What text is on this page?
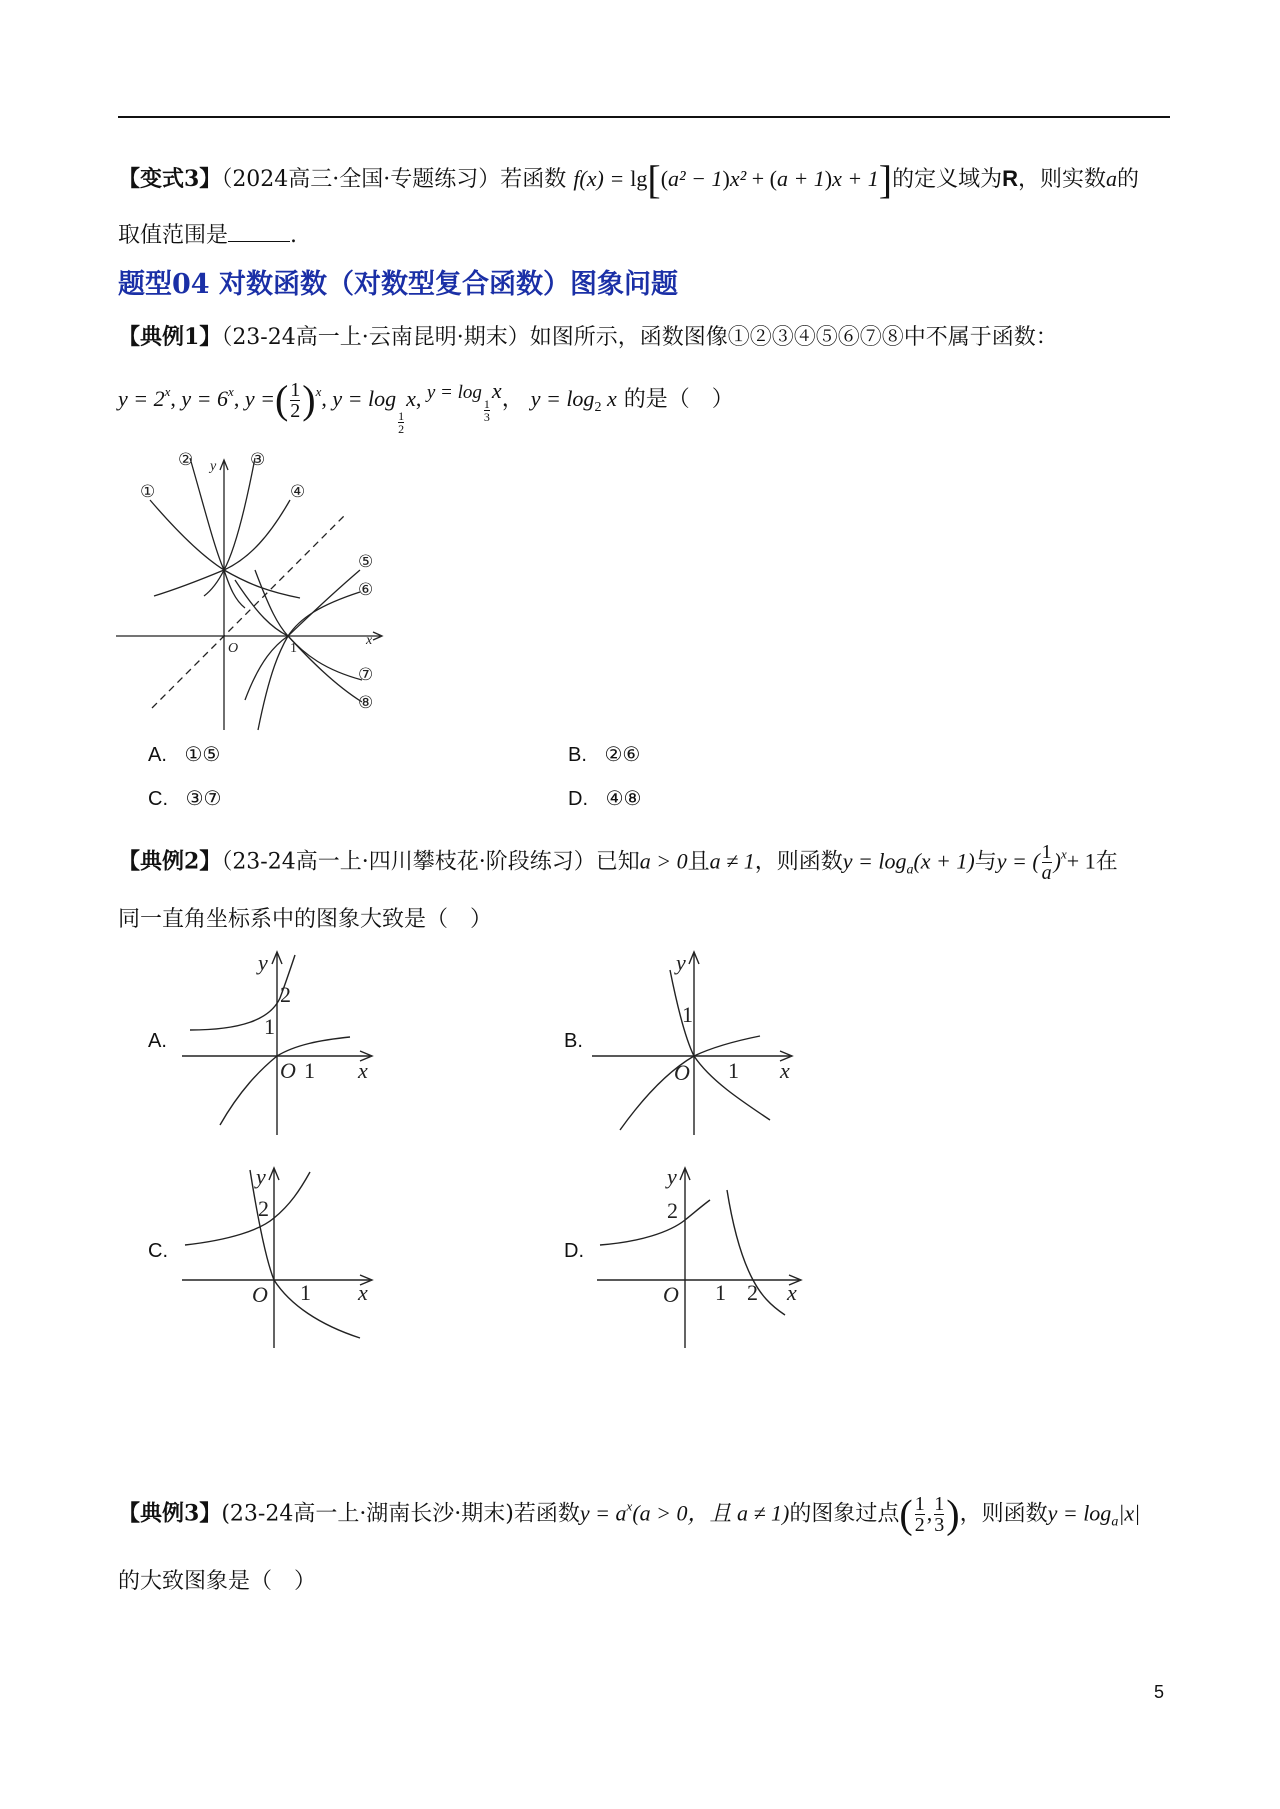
【变式3】（2024高三·全国·专题练习）若函数 f(x) = lg[(a² − 1)x² + (a + 1)x + 1]的定义域为R，则实数a的
取值范围是	.
题型04 对数函数（对数型复合函数）图象问题
【典例1】（23-24高一上·云南昆明·期末）如图所示，函数图像①②③④⑤⑥⑦⑧中不属于函数：
$y = 2^x$, $y = 6^x$, y =( $\frac{1}{2} )^x$, y = log
$\frac{1}{2}$
x, y = log
$\frac{1}{3}$
x， $y = \log_2 x$ 的是（　）
x
y
O	1
①
②	③
④
⑤
⑥
⑦
⑧
A. ①⑤	B. ②⑥
C. ③⑦	D. ④⑧
【典例2】（23-24高一上·四川攀枝花·阶段练习）已知a > 0且a ≠ 1，则函数$y = \log_a(x + 1)$与y = ( $\frac{1}{a} )^x+ 1$在
同一直角坐标系中的图象大致是（　）
A.	B.
C.	D.
y
x
O 1
1
2
y
x
O 1
1
y
x
O 1
2
y
x
O 1
2
2
【典例3】(23-24高一上·湖南长沙·期末)若函数$y = a^x(a > 0$，且 a ≠ 1)的图象过点( $\frac{1}{2}$ , $\frac{1}{3}$ )，则函数$y = \log_a|x|$
的大致图象是（　）
5
